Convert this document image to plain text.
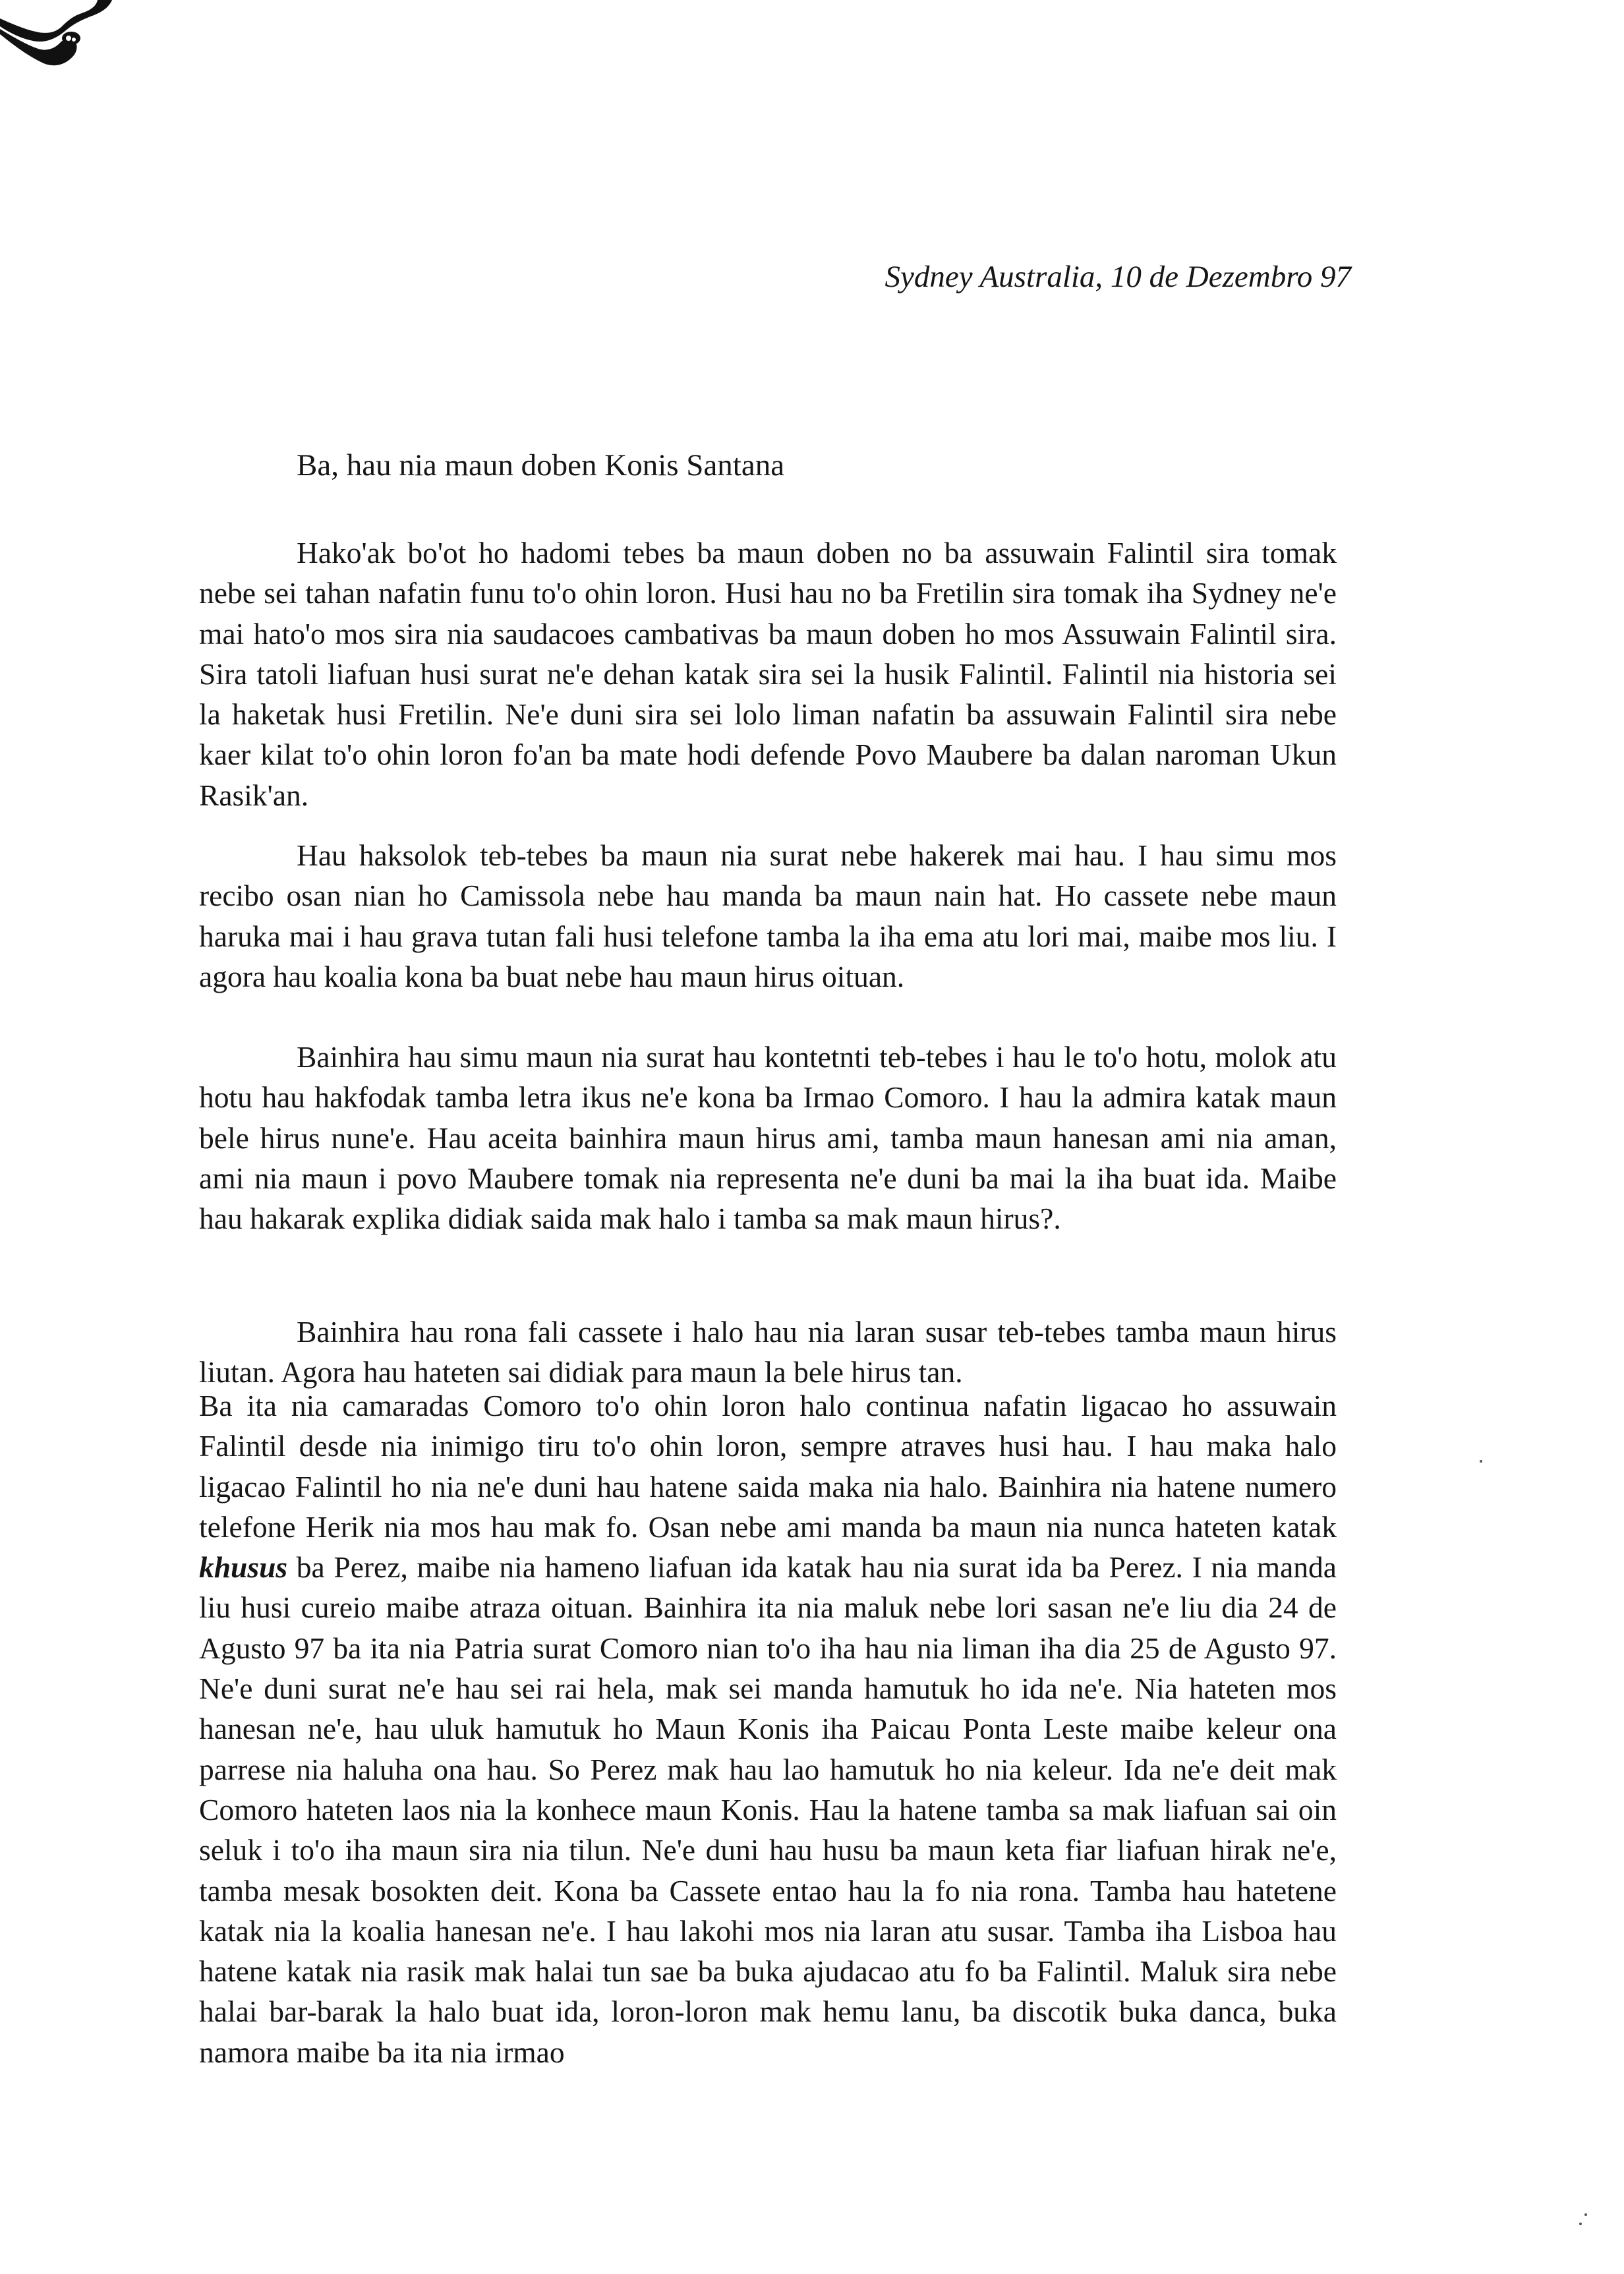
Sydney Australia, 10 de Dezembro 97
Ba, hau nia maun doben Konis Santana

Hako'ak bo'ot ho hadomi tebes ba maun doben no ba assuwain Falintil sira tomak nebe sei tahan nafatin funu to'o ohin loron. Husi hau no ba Fretilin sira tomak iha Sydney ne'e mai hato'o mos sira nia saudacoes cambativas ba maun doben ho mos Assuwain Falintil sira. Sira tatoli liafuan husi surat ne'e dehan katak sira sei la husik Falintil. Falintil nia historia sei la haketak husi Fretilin. Ne'e duni sira sei lolo liman nafatin ba assuwain Falintil sira nebe kaer kilat to'o ohin loron fo'an ba mate hodi defende Povo Maubere ba dalan naroman Ukun Rasik'an.

Hau haksolok teb-tebes ba maun nia surat nebe hakerek mai hau. I hau simu mos recibo osan nian ho Camissola nebe hau manda ba maun nain hat. Ho cassete nebe maun haruka mai i hau grava tutan fali husi telefone tamba la iha ema atu lori mai, maibe mos liu. I agora hau koalia kona ba buat nebe hau maun hirus oituan.

Bainhira hau simu maun nia surat hau kontetnti teb-tebes i hau le to'o hotu, molok atu hotu hau hakfodak tamba letra ikus ne'e kona ba Irmao Comoro. I hau la admira katak maun bele hirus nune'e. Hau aceita bainhira maun hirus ami, tamba maun hanesan ami nia aman, ami nia maun i povo Maubere tomak nia representa ne'e duni ba mai la iha buat ida. Maibe hau hakarak explika didiak saida mak halo i tamba sa mak maun hirus?.

Bainhira hau rona fali cassete i halo hau nia laran susar teb-tebes tamba maun hirus liutan. Agora hau hateten sai didiak para maun la bele hirus tan.

Ba ita nia camaradas Comoro to'o ohin loron halo continua nafatin ligacao ho assuwain Falintil desde nia inimigo tiru to'o ohin loron, sempre atraves husi hau. I hau maka halo ligacao Falintil ho nia ne'e duni hau hatene saida maka nia halo. Bainhira nia hatene numero telefone Herik nia mos hau mak fo. Osan nebe ami manda ba maun nia nunca hateten katak khusus ba Perez, maibe nia hameno liafuan ida katak hau nia surat ida ba Perez. I nia manda liu husi cureio maibe atraza oituan. Bainhira ita nia maluk nebe lori sasan ne'e liu dia 24 de Agusto 97 ba ita nia Patria surat Comoro nian to'o iha hau nia liman iha dia 25 de Agusto 97. Ne'e duni surat ne'e hau sei rai hela, mak sei manda hamutuk ho ida ne'e. Nia hateten mos hanesan ne'e, hau uluk hamutuk ho Maun Konis iha Paicau Ponta Leste maibe keleur ona parrese nia haluha ona hau. So Perez mak hau lao hamutuk ho nia keleur. Ida ne'e deit mak Comoro hateten laos nia la konhece maun Konis. Hau la hatene tamba sa mak liafuan sai oin seluk i to'o iha maun sira nia tilun. Ne'e duni hau husu ba maun keta fiar liafuan hirak ne'e, tamba mesak bosokten deit. Kona ba Cassete entao hau la fo nia rona. Tamba hau hatetene katak nia la koalia hanesan ne'e. I hau lakohi mos nia laran atu susar. Tamba iha Lisboa hau hatene katak nia rasik mak halai tun sae ba buka ajudacao atu fo ba Falintil. Maluk sira nebe halai bar-barak la halo buat ida, loron-loron mak hemu lanu, ba discotik buka danca, buka namora maibe ba ita nia irmao
